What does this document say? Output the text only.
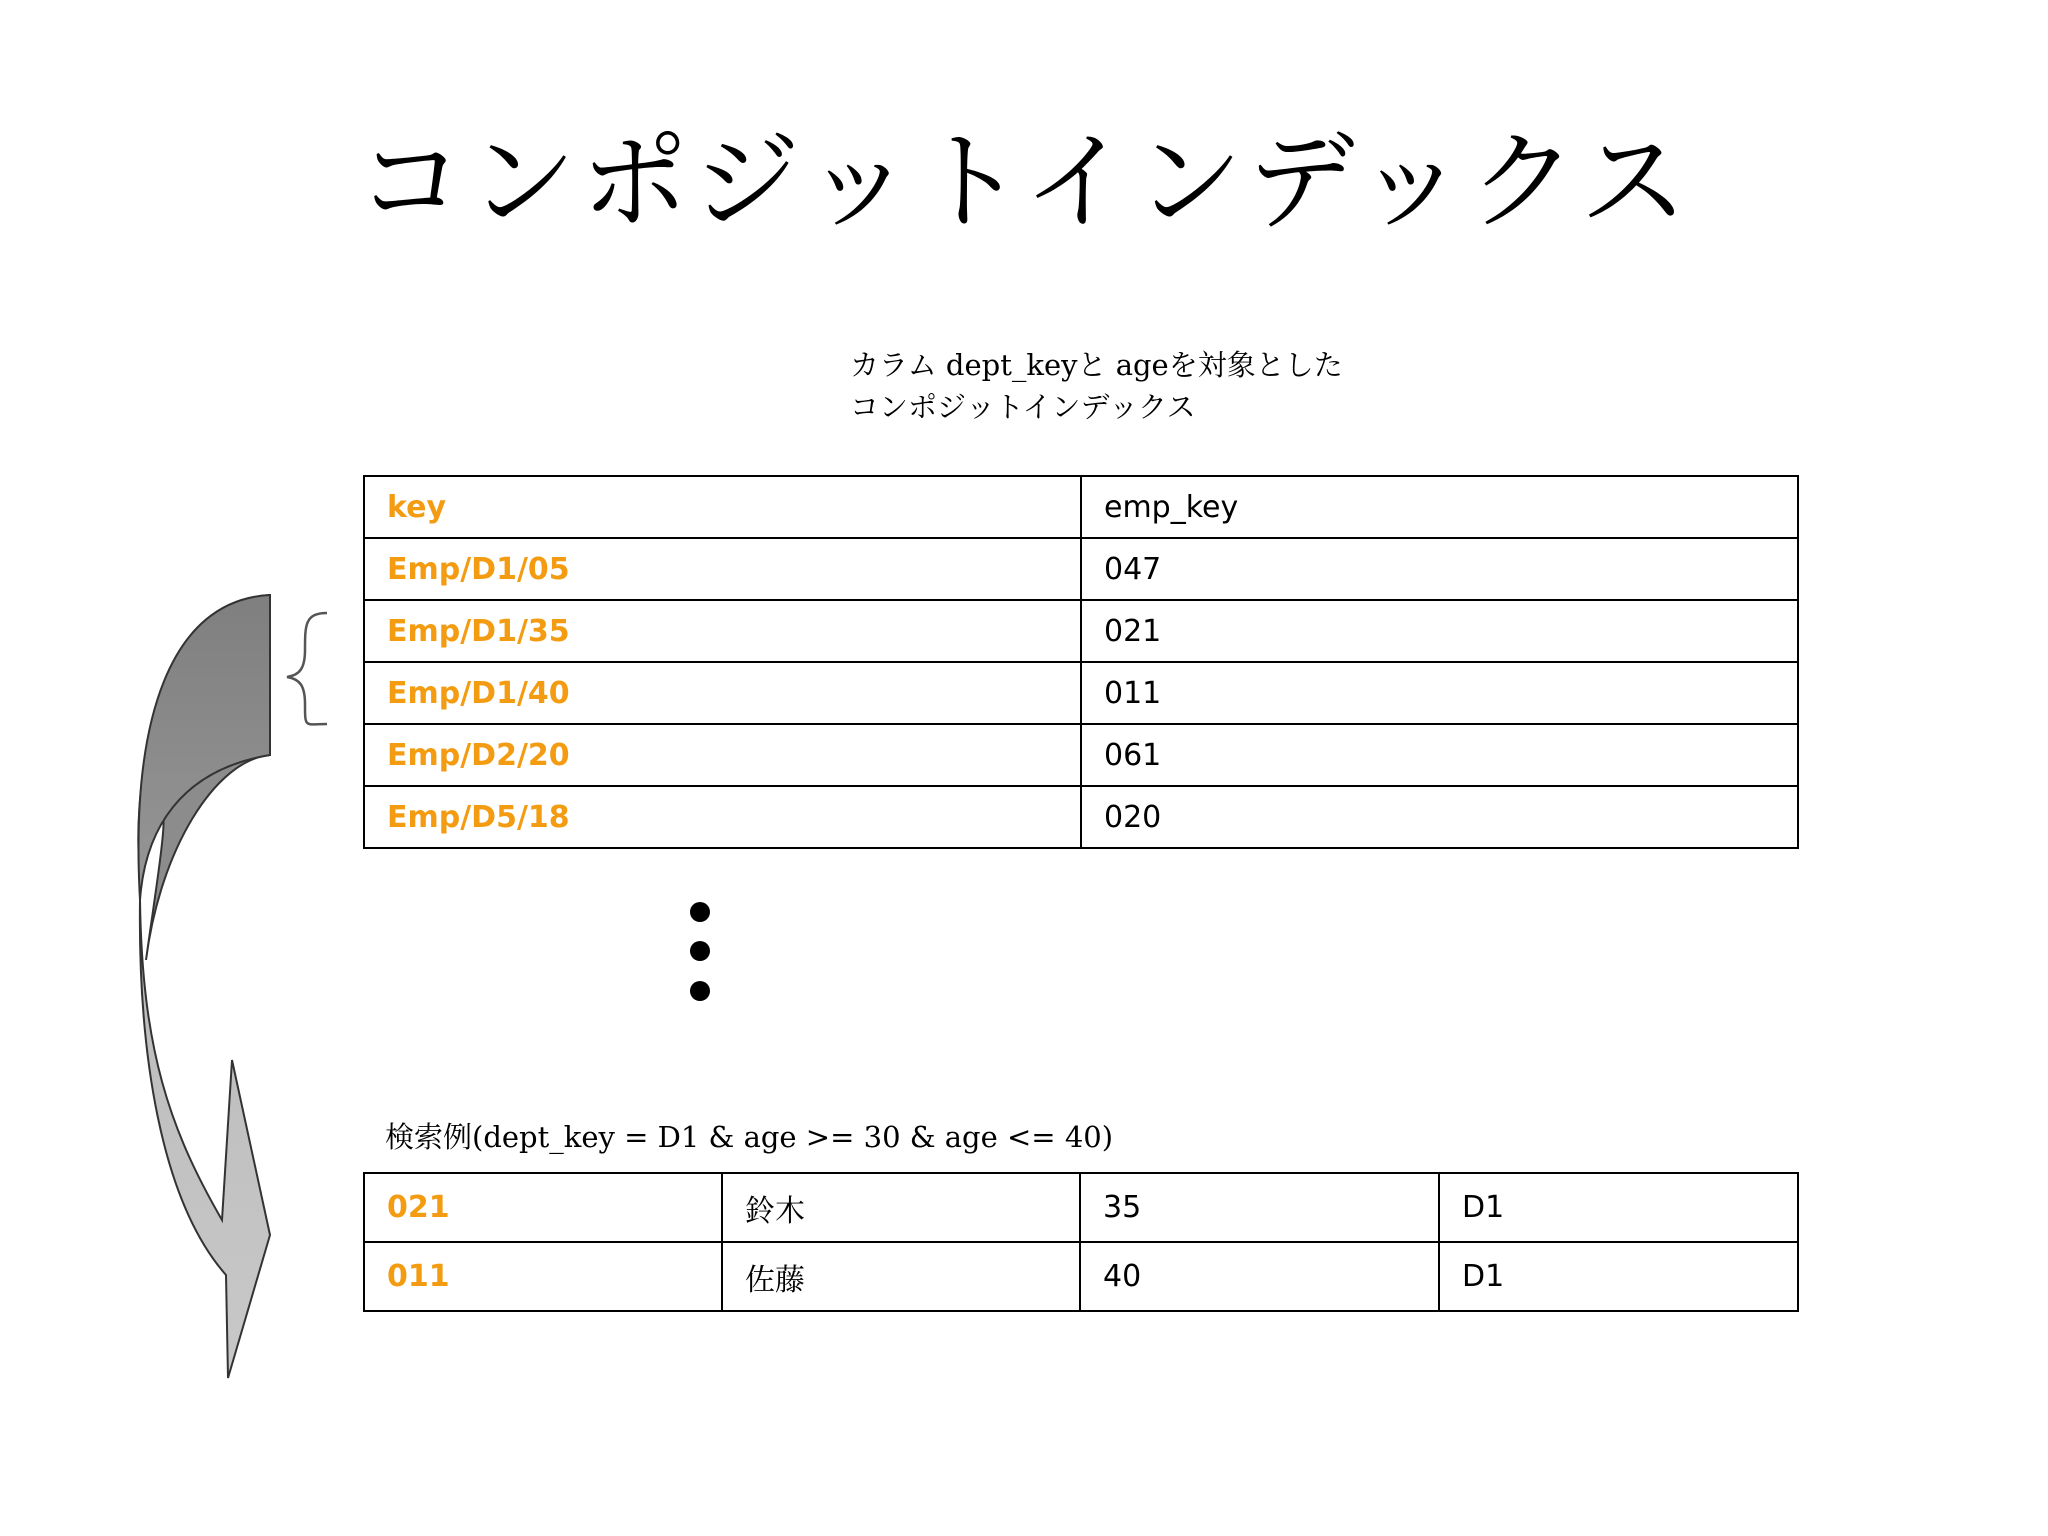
コンポジットインデックス
カラム dept_keyと ageを対象とした
コンポジットインデックス
key	emp_key
Emp/D1/05	047
Emp/D1/35	021
Emp/D1/40	011
Emp/D2/20	061
Emp/D5/18	020
検索例(dept_key = D1 & age >= 30 & age <= 40)
021	鈴木	35	D1
011	佐藤	40	D1
